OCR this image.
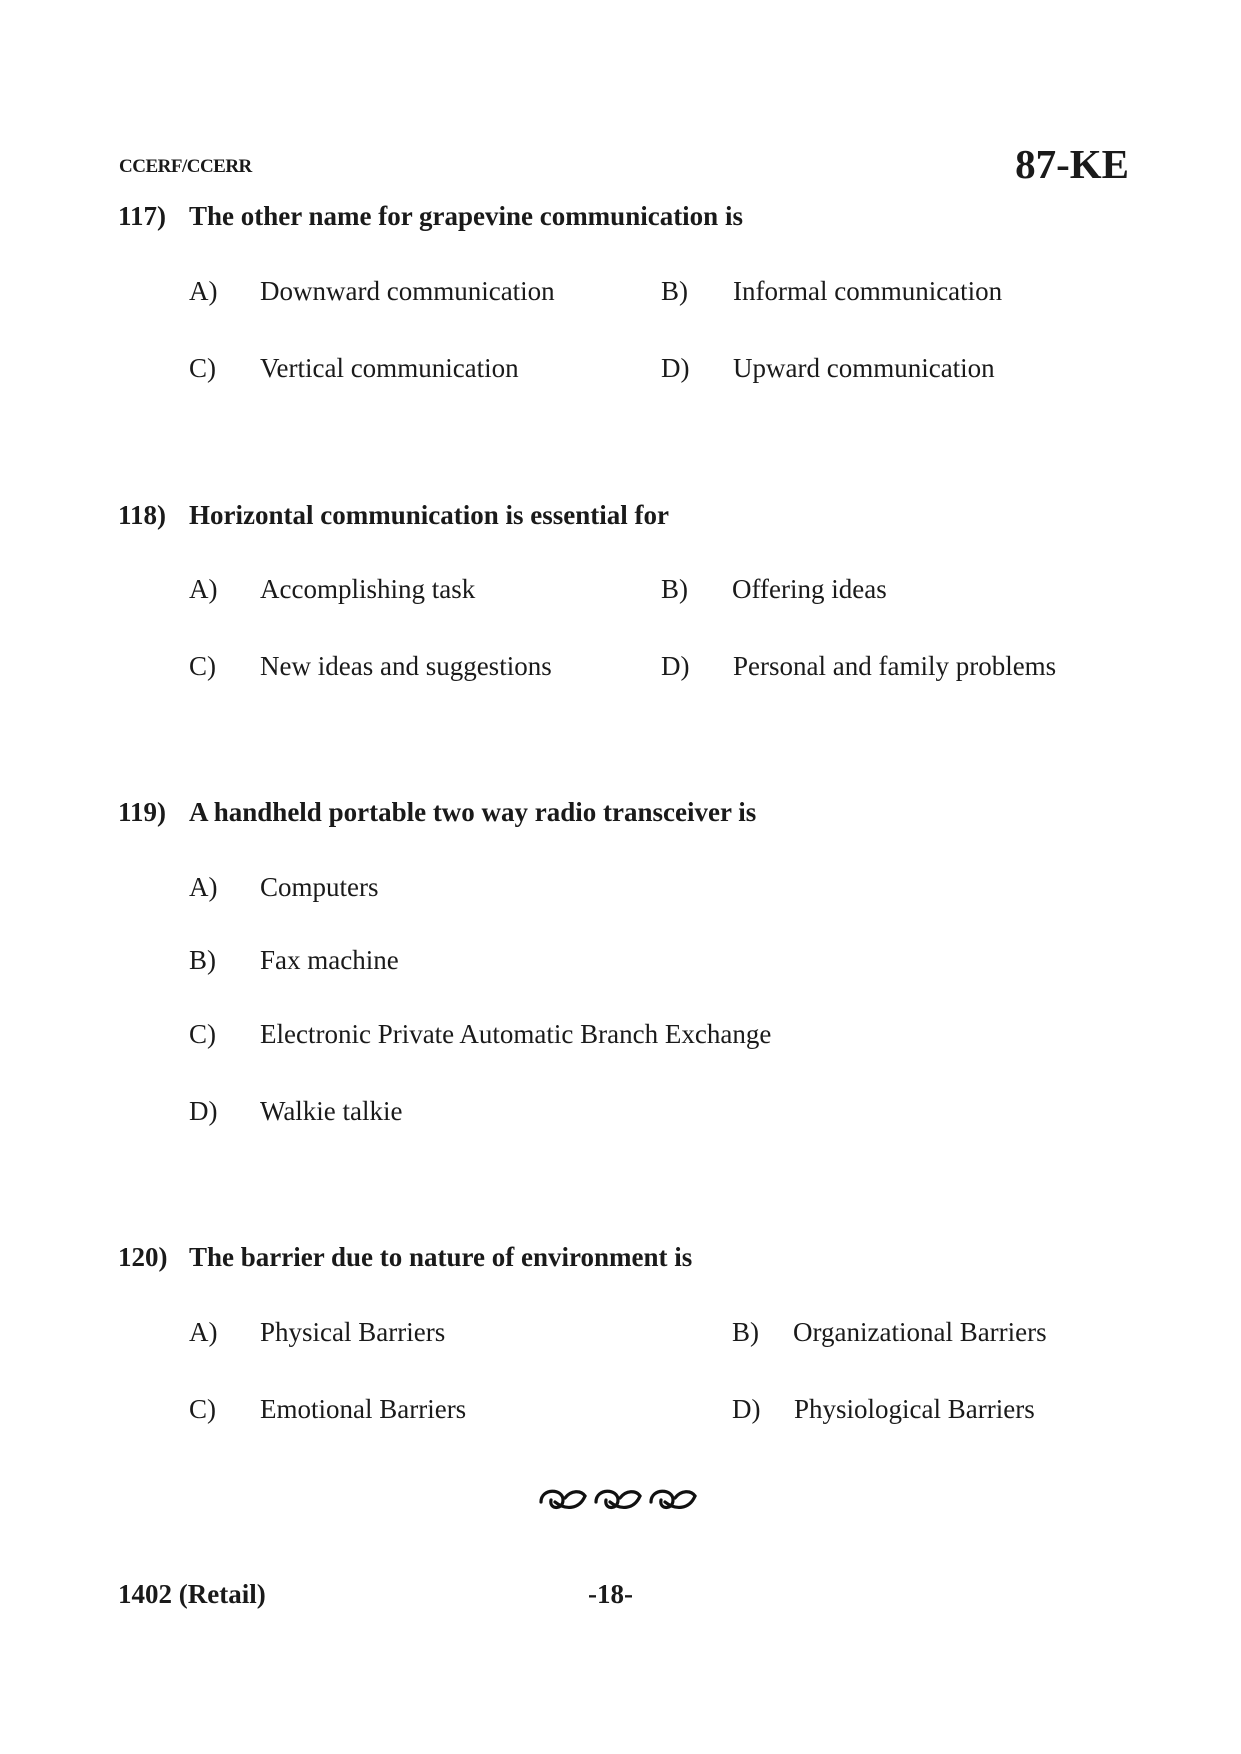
CCERF/CCERR	87-KE
117) The other name for grapevine communication is
A) Downward communication	B) Informal communication
C) Vertical communication	D) Upward communication
118) Horizontal communication is essential for
A) Accomplishing task	B) Offering ideas
C) New ideas and suggestions	D) Personal and family problems
119) A handheld portable two way radio transceiver is
A) Computers
B) Fax machine
C) Electronic Private Automatic Branch Exchange
D) Walkie talkie
120) The barrier due to nature of environment is
A) Physical Barriers	B) Organizational Barriers
C) Emotional Barriers	D) Physiological Barriers
1402 (Retail)	-18-
